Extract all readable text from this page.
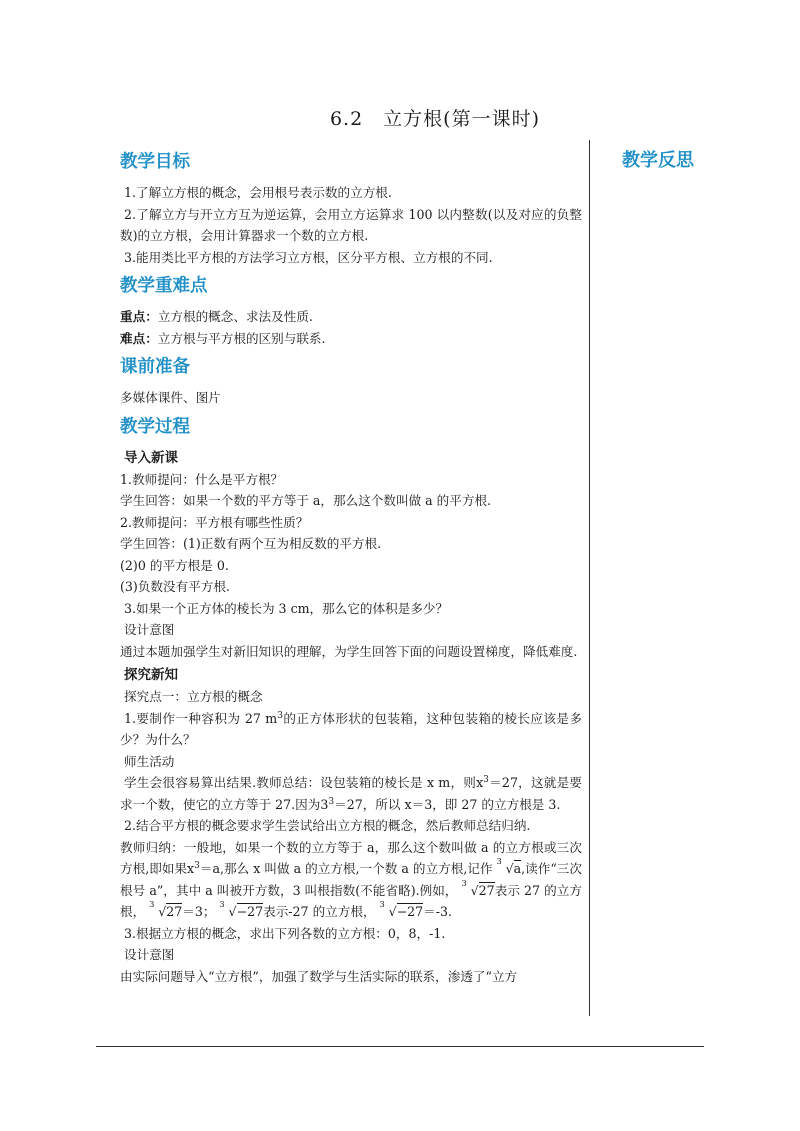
6.2　立方根(第一课时)
教学反思
教学目标

1.了解立方根的概念，会用根号表示数的立方根.

2.了解立方与开立方互为逆运算，会用立方运算求 100 以内整数(以及对应的负整数)的立方根，会用计算器求一个数的立方根.

3.能用类比平方根的方法学习立方根，区分平方根、立方根的不同.

教学重难点

重点：立方根的概念、求法及性质.

难点：立方根与平方根的区别与联系.

课前准备

多媒体课件、图片

教学过程
导入新课

1.教师提问：什么是平方根？

学生回答：如果一个数的平方等于 a，那么这个数叫做 a 的平方根.

2.教师提问：平方根有哪些性质？

学生回答：(1)正数有两个互为相反数的平方根.

(2)0 的平方根是 0.

(3)负数没有平方根.

3.如果一个正方体的棱长为 3 cm，那么它的体积是多少？

设计意图

通过本题加强学生对新旧知识的理解，为学生回答下面的问题设置梯度，降低难度.

探究新知

探究点一：立方根的概念

1.要制作一种容积为 27 $m^3$的正方体形状的包装箱，这种包装箱的棱长应该是多少？为什么？

师生活动

学生会很容易算出结果.教师总结：设包装箱的棱长是 x m，则$x^3=27$，这就是要求一个数，使它的立方等于 27.因为$3^3=27$，所以 x＝3，即 27 的立方根是 3.

2.结合平方根的概念要求学生尝试给出立方根的概念，然后教师总结归纳.

教师归纳：一般地，如果一个数的立方等于 a，那么这个数叫做 a 的立方根或三次方根,即如果$x^3=a$,那么 x 叫做 a 的立方根,一个数 a 的立方根,记作 3 √a,读作“三次根号 a”，其中 a 叫被开方数，3 叫根指数(不能省略).例如， 3 √27表示 27 的立方根， 3 √27＝3； 3 √−27表示-27 的立方根， 3 √−27＝-3.

3.根据立方根的概念，求出下列各数的立方根：0，8，-1.

设计意图

由实际问题导入“立方根”，加强了数学与生活实际的联系，渗透了“立方
